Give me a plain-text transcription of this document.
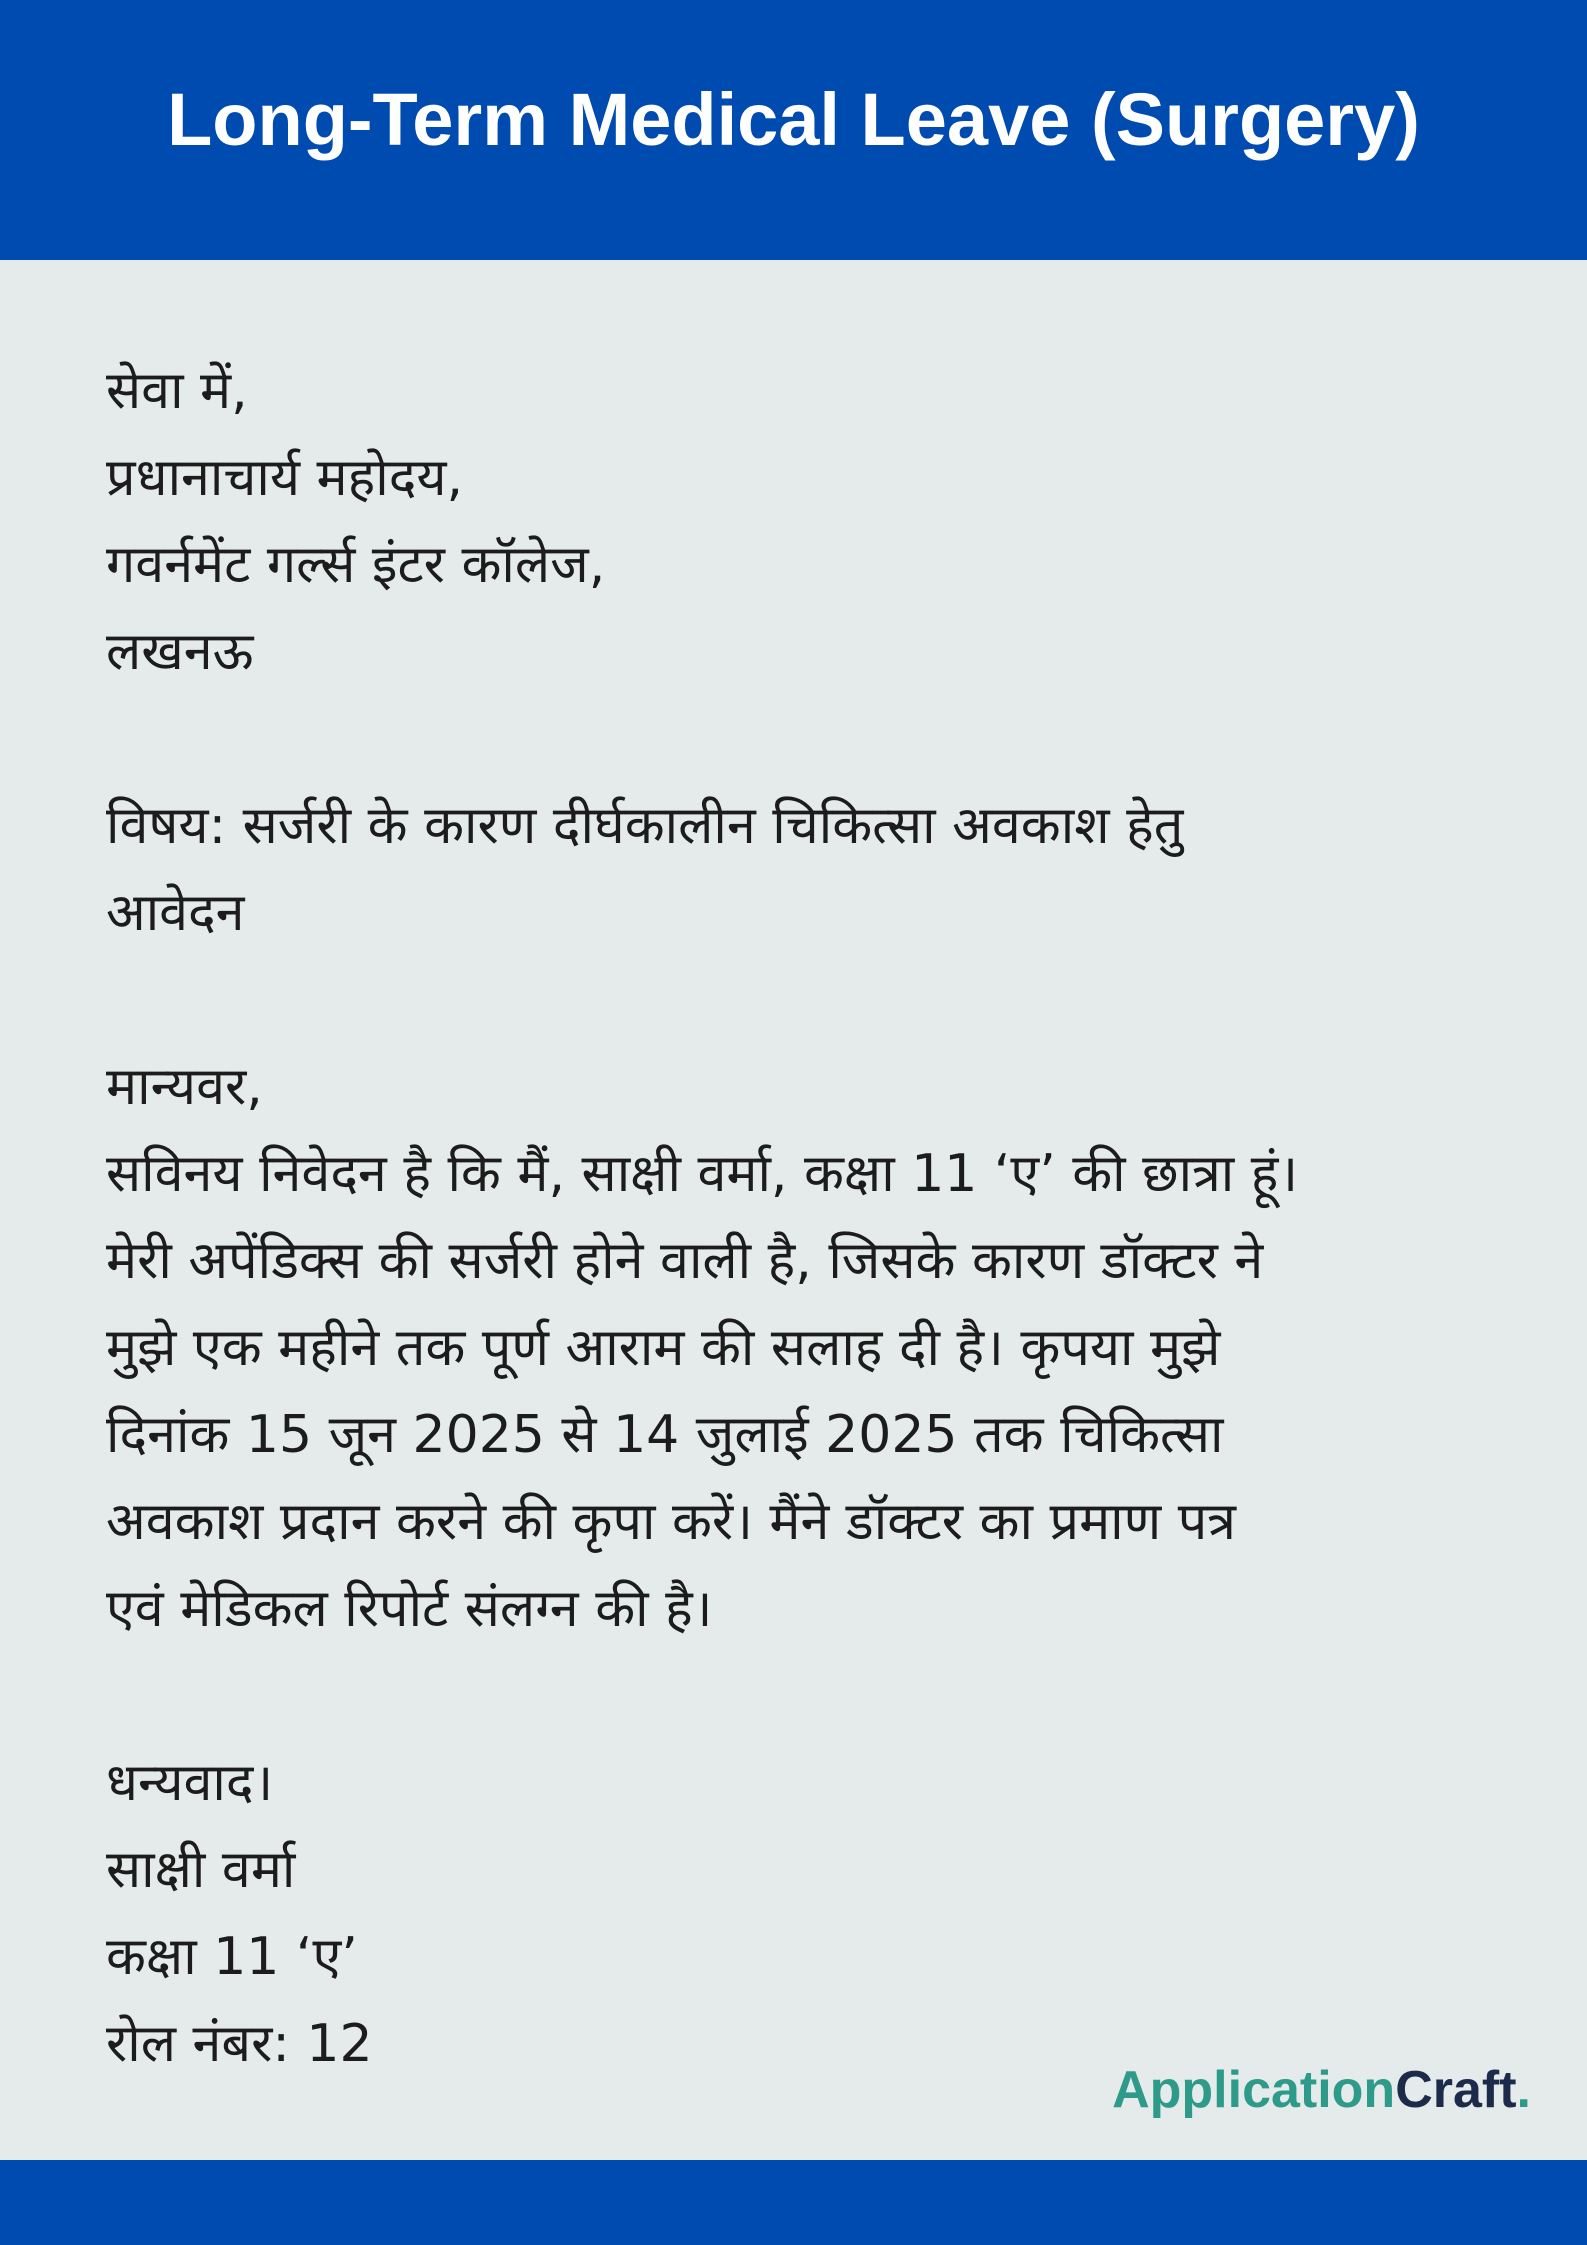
Long-Term Medical Leave (Surgery)
सेवा में,
प्रधानाचार्य महोदय,
गवर्नमेंट गर्ल्स इंटर कॉलेज,
लखनऊ
विषय: सर्जरी के कारण दीर्घकालीन चिकित्सा अवकाश हेतु
आवेदन
मान्यवर,
सविनय निवेदन है कि मैं, साक्षी वर्मा, कक्षा 11 ‘ए’ की छात्रा हूं।
मेरी अपेंडिक्स की सर्जरी होने वाली है, जिसके कारण डॉक्टर ने
मुझे एक महीने तक पूर्ण आराम की सलाह दी है। कृपया मुझे
दिनांक 15 जून 2025 से 14 जुलाई 2025 तक चिकित्सा
अवकाश प्रदान करने की कृपा करें। मैंने डॉक्टर का प्रमाण पत्र
एवं मेडिकल रिपोर्ट संलग्न की है।
धन्यवाद।
साक्षी वर्मा
कक्षा 11 ‘ए’
रोल नंबर: 12
ApplicationCraft.
